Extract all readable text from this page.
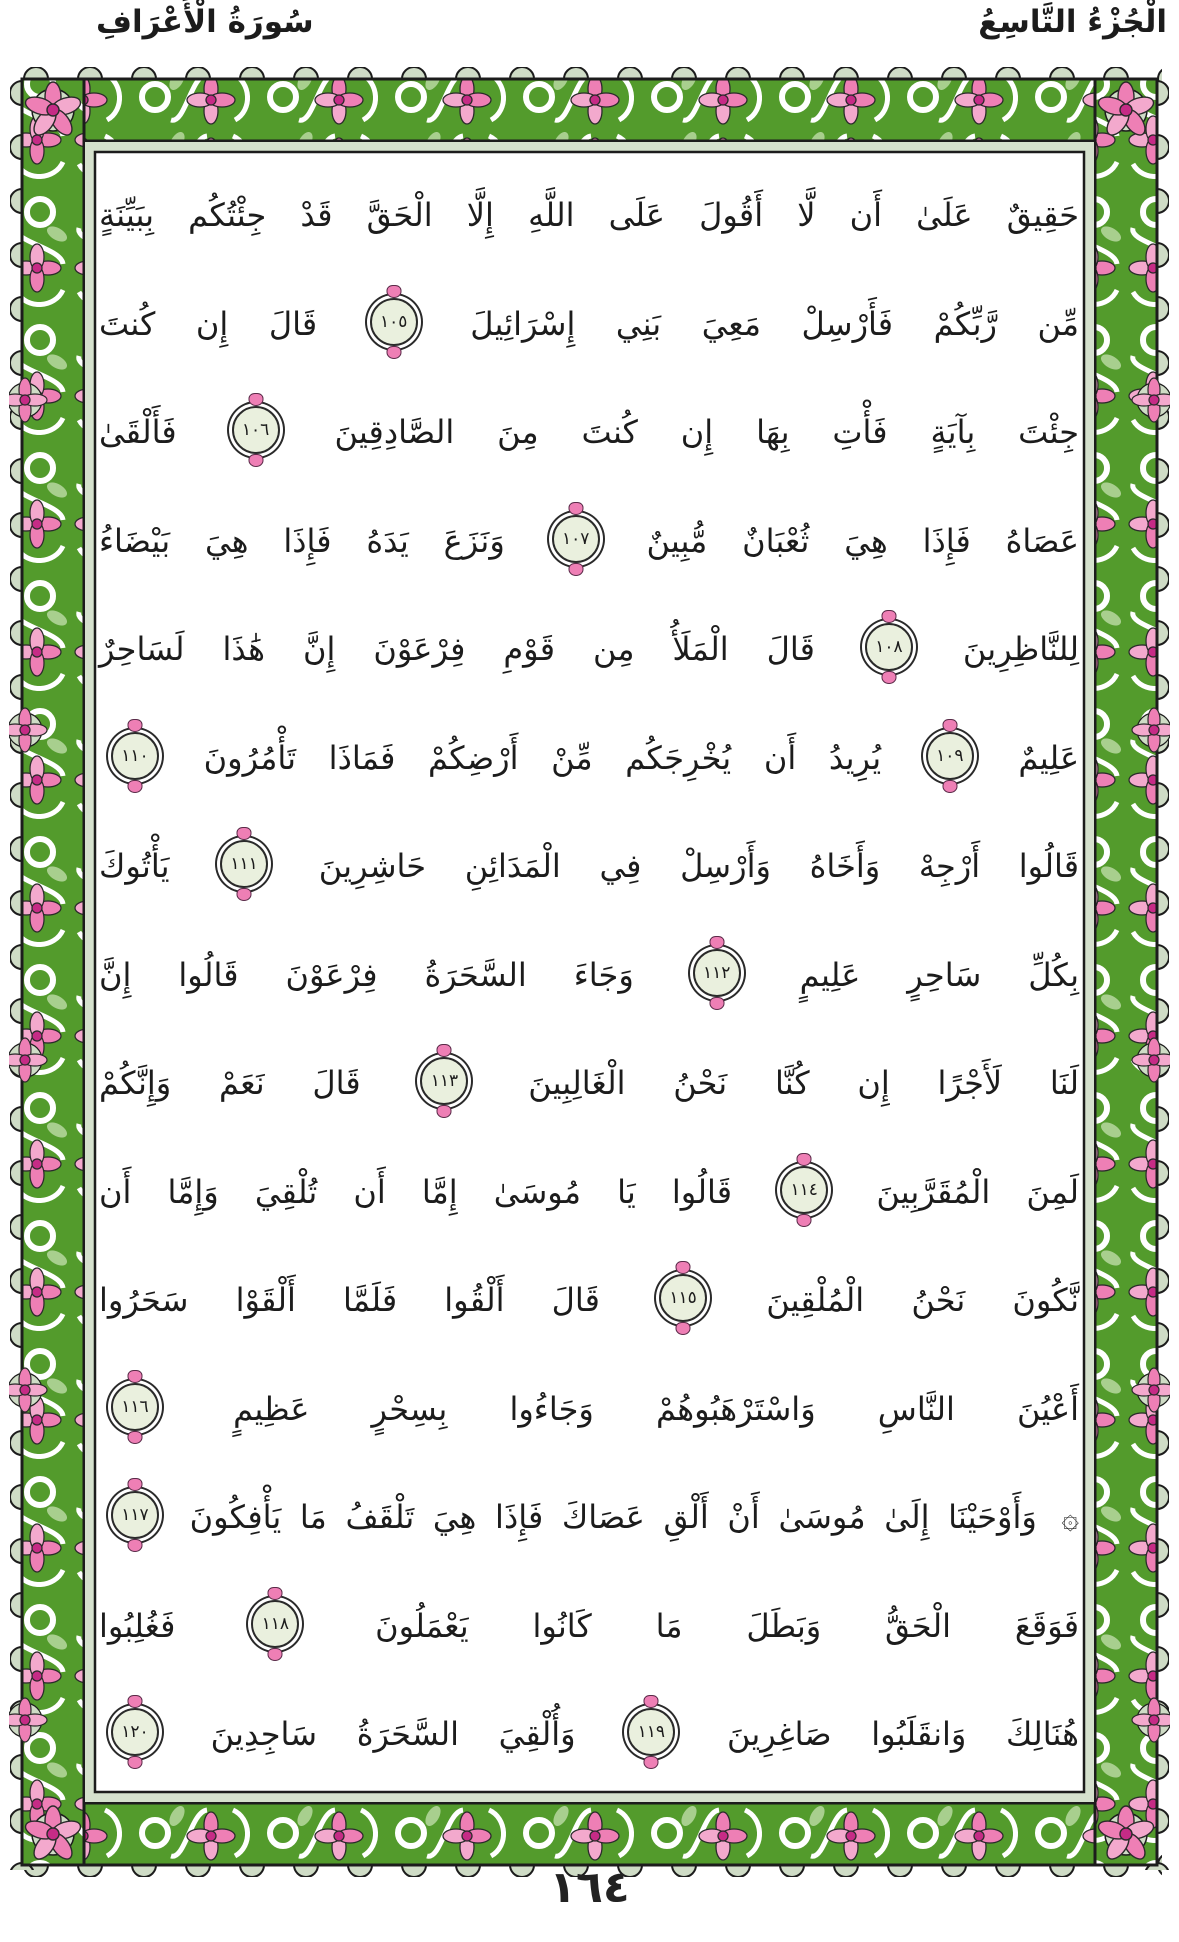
الْجُزْءُ التَّاسِعُ
سُورَةُ الْأَعْرَافِ
حَقِيقٌ عَلَىٰ أَن لَّا أَقُولَ عَلَى اللَّهِ إِلَّا الْحَقَّ قَدْ جِئْتُكُم بِبَيِّنَةٍ
مِّن رَّبِّكُمْ فَأَرْسِلْ مَعِيَ بَنِي إِسْرَائِيلَ ١٠٥ قَالَ إِن كُنتَ
جِئْتَ بِآيَةٍ فَأْتِ بِهَا إِن كُنتَ مِنَ الصَّادِقِينَ ١٠٦ فَأَلْقَىٰ
عَصَاهُ فَإِذَا هِيَ ثُعْبَانٌ مُّبِينٌ ١٠٧ وَنَزَعَ يَدَهُ فَإِذَا هِيَ بَيْضَاءُ
لِلنَّاظِرِينَ ١٠٨ قَالَ الْمَلَأُ مِن قَوْمِ فِرْعَوْنَ إِنَّ هَٰذَا لَسَاحِرٌ
عَلِيمٌ ١٠٩ يُرِيدُ أَن يُخْرِجَكُم مِّنْ أَرْضِكُمْ فَمَاذَا تَأْمُرُونَ ١١٠
قَالُوا أَرْجِهْ وَأَخَاهُ وَأَرْسِلْ فِي الْمَدَائِنِ حَاشِرِينَ ١١١ يَأْتُوكَ
بِكُلِّ سَاحِرٍ عَلِيمٍ ١١٢ وَجَاءَ السَّحَرَةُ فِرْعَوْنَ قَالُوا إِنَّ
لَنَا لَأَجْرًا إِن كُنَّا نَحْنُ الْغَالِبِينَ ١١٣ قَالَ نَعَمْ وَإِنَّكُمْ
لَمِنَ الْمُقَرَّبِينَ ١١٤ قَالُوا يَا مُوسَىٰ إِمَّا أَن تُلْقِيَ وَإِمَّا أَن
نَّكُونَ نَحْنُ الْمُلْقِينَ ١١٥ قَالَ أَلْقُوا فَلَمَّا أَلْقَوْا سَحَرُوا
أَعْيُنَ النَّاسِ وَاسْتَرْهَبُوهُمْ وَجَاءُوا بِسِحْرٍ عَظِيمٍ ١١٦
۞ وَأَوْحَيْنَا إِلَىٰ مُوسَىٰ أَنْ أَلْقِ عَصَاكَ فَإِذَا هِيَ تَلْقَفُ مَا يَأْفِكُونَ ١١٧
فَوَقَعَ الْحَقُّ وَبَطَلَ مَا كَانُوا يَعْمَلُونَ ١١٨ فَغُلِبُوا
هُنَالِكَ وَانقَلَبُوا صَاغِرِينَ ١١٩ وَأُلْقِيَ السَّحَرَةُ سَاجِدِينَ ١٢٠
١٦٤
